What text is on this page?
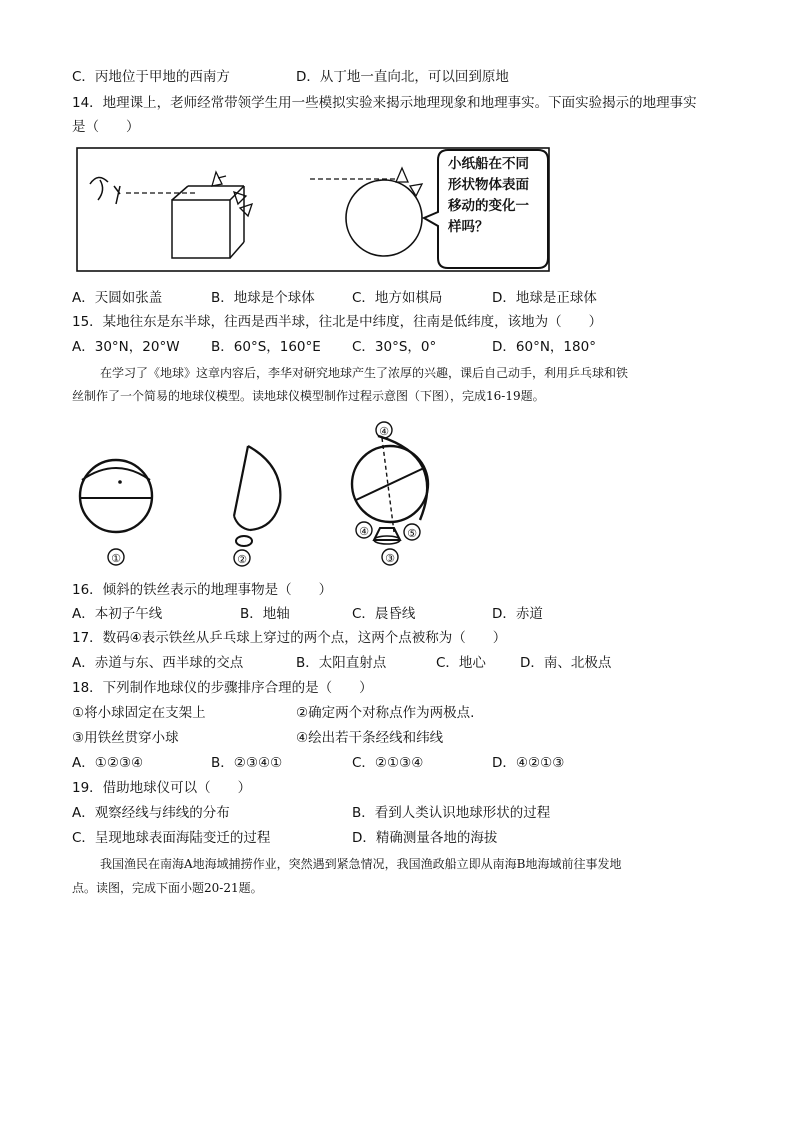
C．丙地位于甲地的西南方	D．从丁地一直向北，可以回到原地
14．地理课上，老师经常带领学生用一些模拟实验来揭示地理现象和地理事实。下面实验揭示的地理事实
是（　　）
小纸船在不同
形状物体表面
移动的变化一
样吗？
A．天圆如张盖	B．地球是个球体	C．地方如棋局	D．地球是正球体
15．某地往东是东半球，往西是西半球，往北是中纬度，往南是低纬度，该地为（　　）
A．30°N，20°W B．60°S，160°E C．30°S，0°	D．60°N，180°
在学习了《地球》这章内容后，李华对研究地球产生了浓厚的兴趣，课后自己动手，利用乒乓球和铁
丝制作了一个简易的地球仪模型。读地球仪模型制作过程示意图（下图），完成16-19题。
①	②
④
③
④	⑤
16．倾斜的铁丝表示的地理事物是（　　）
A．本初子午线	B．地轴	C．晨昏线	D．赤道
17．数码④表示铁丝从乒乓球上穿过的两个点，这两个点被称为（　　）
A．赤道与东、西半球的交点	B．太阳直射点	C．地心	D．南、北极点
18．下列制作地球仪的步骤排序合理的是（　　）
①将小球固定在支架上	②确定两个对称点作为两极点.
③用铁丝贯穿小球	④绘出若干条经线和纬线
A．①②③④	B．②③④①	C．②①③④	D．④②①③
19．借助地球仪可以（　　）
A．观察经线与纬线的分布	B．看到人类认识地球形状的过程
C．呈现地球表面海陆变迁的过程	D．精确测量各地的海拔
我国渔民在南海A地海域捕捞作业，突然遇到紧急情况，我国渔政船立即从南海B地海域前往事发地
点。读图，完成下面小题20-21题。
